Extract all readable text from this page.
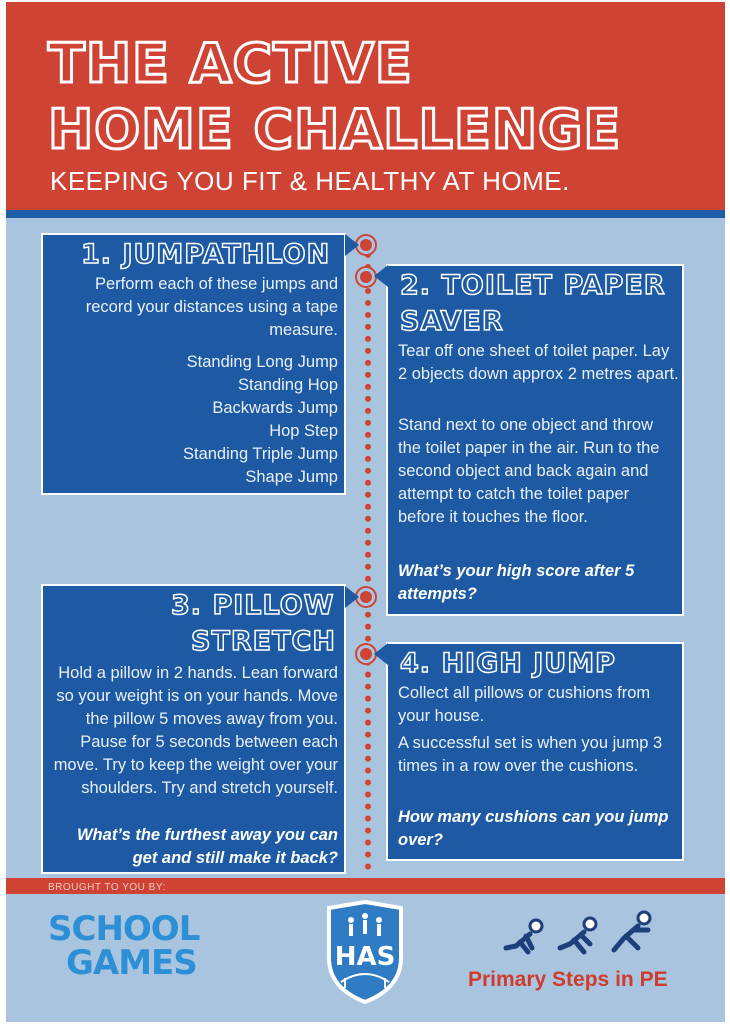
THE ACTIVE
HOME CHALLENGE
KEEPING YOU FIT & HEALTHY AT HOME.
1. JUMPATHLON
Perform each of these jumps and record your distances using a tape measure.
Standing Long Jump
Standing Hop
Backwards Jump
Hop Step
Standing Triple Jump
Shape Jump
2. TOILET PAPER
SAVER
Tear off one sheet of toilet paper. Lay 2 objects down approx 2 metres apart.
Stand next to one object and throw the toilet paper in the air. Run to the second object and back again and attempt to catch the toilet paper before it touches the floor.
What’s your high score after 5 attempts?
3. PILLOW
STRETCH
Hold a pillow in 2 hands. Lean forward so your weight is on your hands. Move the pillow 5 moves away from you. Pause for 5 seconds between each move. Try to keep the weight over your shoulders. Try and stretch yourself.
What’s the furthest away you can get and still make it back?
4. HIGH JUMP
Collect all pillows or cushions from your house.
A successful set is when you jump 3 times in a row over the cushions.
How many cushions can you jump over?
BROUGHT TO YOU BY:
SCHOOL
GAMES	HAS
Primary Steps in PE
